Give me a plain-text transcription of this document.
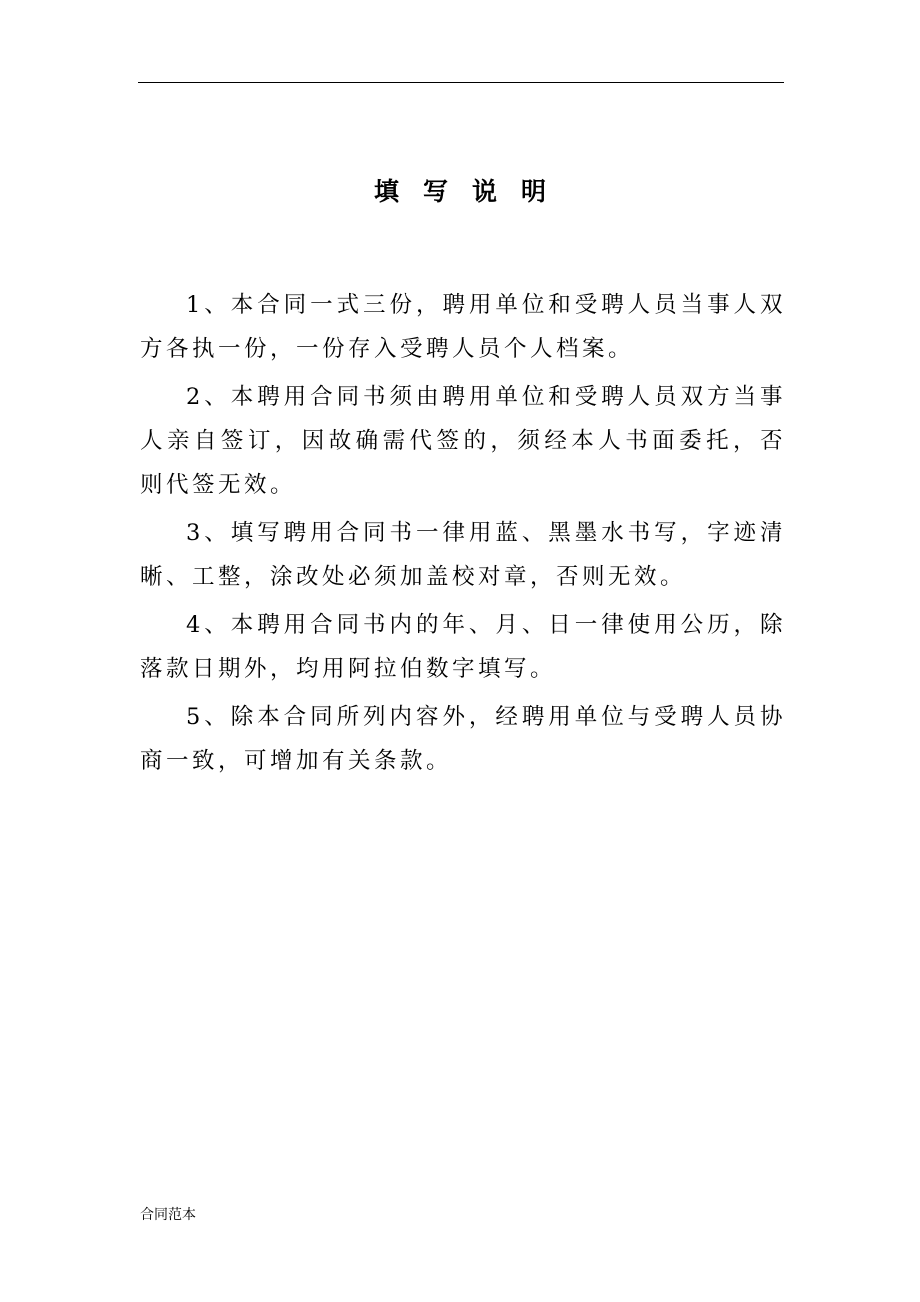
填写说明
1、本合同一式三份，聘用单位和受聘人员当事人双方各执一份，一份存入受聘人员个人档案。
2、本聘用合同书须由聘用单位和受聘人员双方当事人亲自签订，因故确需代签的，须经本人书面委托，否则代签无效。
3、填写聘用合同书一律用蓝、黑墨水书写，字迹清晰、工整，涂改处必须加盖校对章，否则无效。
4、本聘用合同书内的年、月、日一律使用公历，除落款日期外，均用阿拉伯数字填写。
5、除本合同所列内容外，经聘用单位与受聘人员协商一致，可增加有关条款。
合同范本
